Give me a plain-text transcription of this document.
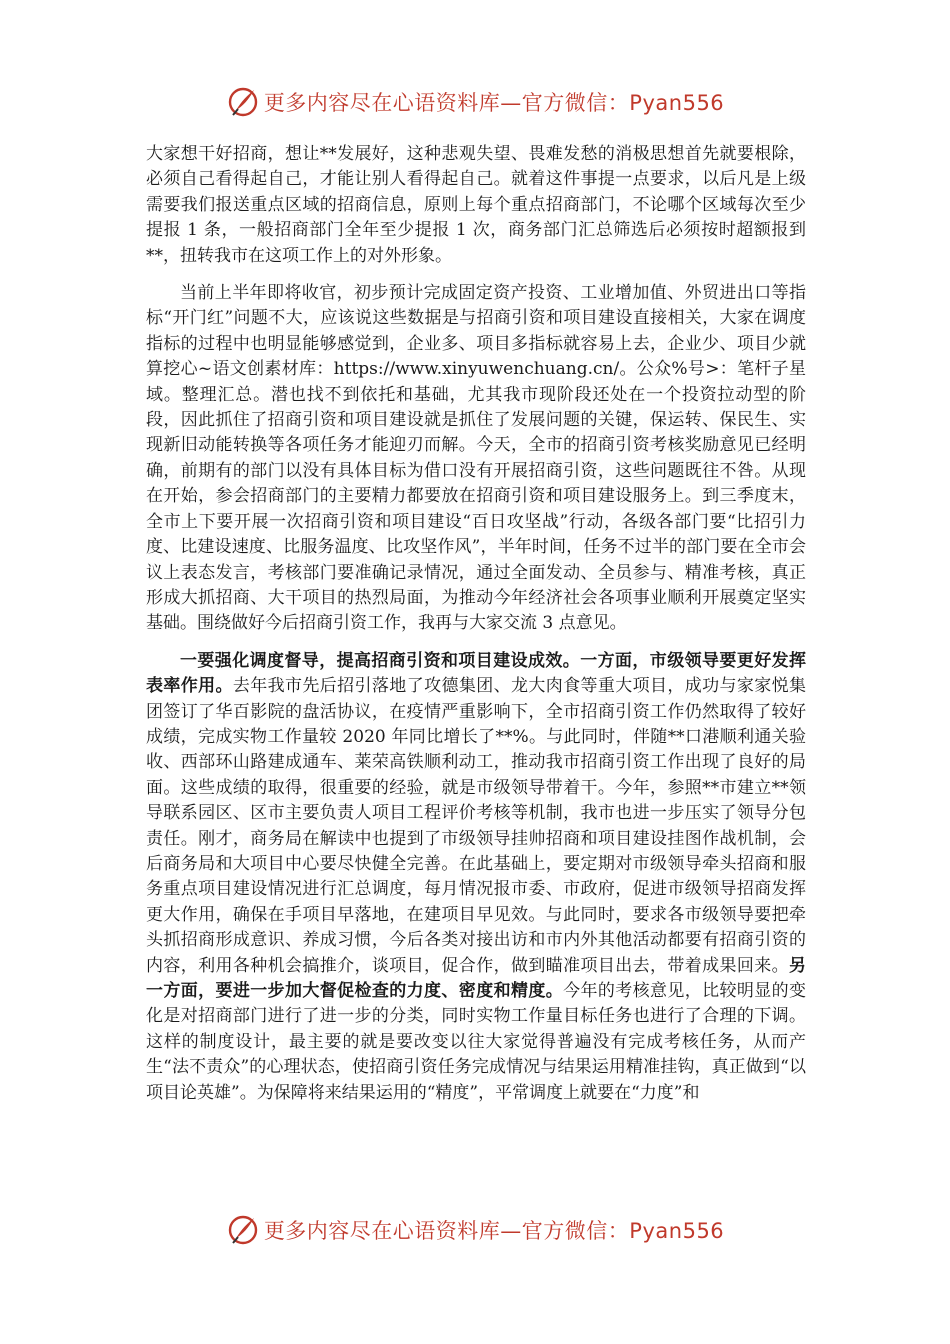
更多内容尽在心语资料库—官方微信：Pyan556

大家想干好招商，想让**发展好，这种悲观失望、畏难发愁的消极思想首先就要根除，必须自己看得起自己，才能让别人看得起自己。就着这件事提一点要求，以后凡是上级需要我们报送重点区域的招商信息，原则上每个重点招商部门，不论哪个区域每次至少提报 1 条，一般招商部门全年至少提报 1 次，商务部门汇总筛选后必须按时超额报到**，扭转我市在这项工作上的对外形象。

当前上半年即将收官，初步预计完成固定资产投资、工业增加值、外贸进出口等指标“开门红”问题不大，应该说这些数据是与招商引资和项目建设直接相关，大家在调度指标的过程中也明显能够感觉到，企业多、项目多指标就容易上去，企业少、项目少就算挖心~语文创素材库：https://www.xinyuwenchuang.cn/。公众%号>：笔杆子星域。整理汇总。潜也找不到依托和基础，尤其我市现阶段还处在一个投资拉动型的阶段，因此抓住了招商引资和项目建设就是抓住了发展问题的关键，保运转、保民生、实现新旧动能转换等各项任务才能迎刃而解。今天，全市的招商引资考核奖励意见已经明确，前期有的部门以没有具体目标为借口没有开展招商引资，这些问题既往不咎。从现在开始，参会招商部门的主要精力都要放在招商引资和项目建设服务上。到三季度末，全市上下要开展一次招商引资和项目建设“百日攻坚战”行动，各级各部门要“比招引力度、比建设速度、比服务温度、比攻坚作风”，半年时间，任务不过半的部门要在全市会议上表态发言，考核部门要准确记录情况，通过全面发动、全员参与、精准考核，真正形成大抓招商、大干项目的热烈局面，为推动今年经济社会各项事业顺利开展奠定坚实基础。围绕做好今后招商引资工作，我再与大家交流 3 点意见。

一要强化调度督导，提高招商引资和项目建设成效。一方面，市级领导要更好发挥表率作用。去年我市先后招引落地了攻德集团、龙大肉食等重大项目，成功与家家悦集团签订了华百影院的盘活协议，在疫情严重影响下，全市招商引资工作仍然取得了较好成绩，完成实物工作量较 2020 年同比增长了**%。与此同时，伴随**口港顺利通关验收、西部环山路建成通车、莱荣高铁顺利动工，推动我市招商引资工作出现了良好的局面。这些成绩的取得，很重要的经验，就是市级领导带着干。今年，参照**市建立**领导联系园区、区市主要负责人项目工程评价考核等机制，我市也进一步压实了领导分包责任。刚才，商务局在解读中也提到了市级领导挂帅招商和项目建设挂图作战机制，会后商务局和大项目中心要尽快健全完善。在此基础上，要定期对市级领导牵头招商和服务重点项目建设情况进行汇总调度，每月情况报市委、市政府，促进市级领导招商发挥更大作用，确保在手项目早落地，在建项目早见效。与此同时，要求各市级领导要把牵头抓招商形成意识、养成习惯，今后各类对接出访和市内外其他活动都要有招商引资的内容，利用各种机会搞推介，谈项目，促合作，做到瞄准项目出去，带着成果回来。另一方面，要进一步加大督促检查的力度、密度和精度。今年的考核意见，比较明显的变化是对招商部门进行了进一步的分类，同时实物工作量目标任务也进行了合理的下调。这样的制度设计，最主要的就是要改变以往大家觉得普遍没有完成考核任务，从而产生“法不责众”的心理状态，使招商引资任务完成情况与结果运用精准挂钩，真正做到“以项目论英雄”。为保障将来结果运用的“精度”，平常调度上就要在“力度”和

更多内容尽在心语资料库—官方微信：Pyan556
